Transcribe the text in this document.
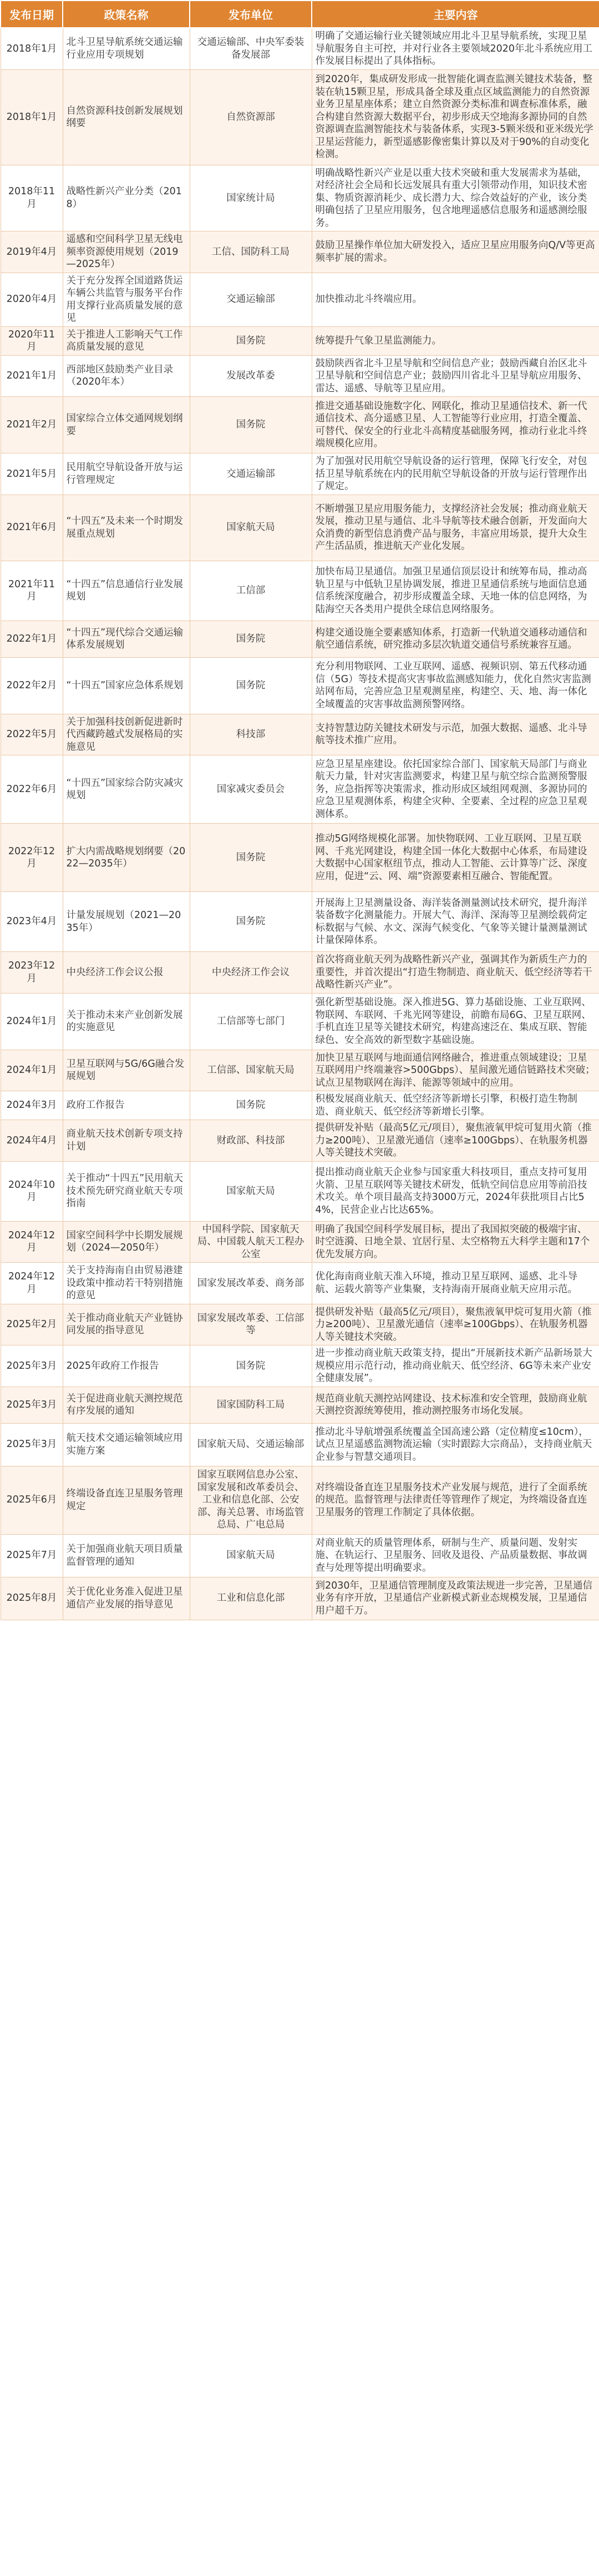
发布日期	政策名称	发布单位	主要内容
2018年1月	北斗卫星导航系统交通运输行业应用专项规划	交通运输部、中央军委装备发展部	明确了交通运输行业关键领域应用北斗卫星导航系统，实现卫星导航服务自主可控，并对行业各主要领域2020年北斗系统应用工作发展目标提出了具体指标。
2018年1月	自然资源科技创新发展规划纲要	自然资源部	到2020年，集成研发形成一批智能化调查监测关键技术装备，整装在轨15颗卫星，形成具备全球及重点区域监测能力的自然资源业务卫星星座体系；建立自然资源分类标准和调查标准体系，融合构建自然资源大数据平台，初步形成天空地海多源协同的自然资源调查监测智能技术与装备体系，实现3-5颗米级和亚米级光学卫星运营能力，新型遥感影像密集计算以及对于90%的自动变化检测。
2018年11月	战略性新兴产业分类（2018）	国家统计局	明确战略性新兴产业是以重大技术突破和重大发展需求为基础，对经济社会全局和长远发展具有重大引领带动作用，知识技术密集、物质资源消耗少、成长潜力大、综合效益好的产业，该分类明确包括了卫星应用服务，包含地理遥感信息服务和遥感测绘服务。
2019年4月	遥感和空间科学卫星无线电频率资源使用规划（2019—2025年）	工信、国防科工局	鼓励卫星操作单位加大研发投入，适应卫星应用服务向Q/V等更高频率扩展的需求。
2020年4月	关于充分发挥全国道路货运车辆公共监管与服务平台作用支撑行业高质量发展的意见	交通运输部	加快推动北斗终端应用。
2020年11月	关于推进人工影响天气工作高质量发展的意见	国务院	统筹提升气象卫星监测能力。
2021年1月	西部地区鼓励类产业目录（2020年本）	发展改革委	鼓励陕西省北斗卫星导航和空间信息产业；鼓励西藏自治区北斗卫星导航和空间信息产业；鼓励四川省北斗卫星导航应用服务、雷达、遥感、导航等卫星应用。
2021年2月	国家综合立体交通网规划纲要	国务院	推进交通基础设施数字化、网联化，推动卫星通信技术、新一代通信技术、高分遥感卫星、人工智能等行业应用，打造全覆盖、可替代、保安全的行业北斗高精度基础服务网，推动行业北斗终端规模化应用。
2021年5月	民用航空导航设备开放与运行管理规定	交通运输部	为了加强对民用航空导航设备的运行管理，保障飞行安全，对包括卫星导航系统在内的民用航空导航设备的开放与运行管理作出了规定。
2021年6月	“十四五”及未来一个时期发展重点规划	国家航天局	不断增强卫星应用服务能力，支撑经济社会发展；推动商业航天发展，推动卫星与通信、北斗导航等技术融合创新，开发面向大众消费的新型信息消费产品与服务，丰富应用场景，提升大众生产生活品质，推进航天产业化发展。
2021年11月	“十四五”信息通信行业发展规划	工信部	加快布局卫星通信。加强卫星通信顶层设计和统筹布局，推动高轨卫星与中低轨卫星协调发展，推进卫星通信系统与地面信息通信系统深度融合，初步形成覆盖全球、天地一体的信息网络，为陆海空天各类用户提供全球信息网络服务。
2022年1月	“十四五”现代综合交通运输体系发展规划	国务院	构建交通设施全要素感知体系，打造新一代轨道交通移动通信和航空通信系统，研究推动多层次轨道交通信号系统兼容互通。
2022年2月	“十四五”国家应急体系规划	国务院	充分利用物联网、工业互联网、遥感、视频识别、第五代移动通信（5G）等技术提高灾害事故监测感知能力，优化自然灾害监测站网布局，完善应急卫星观测星座，构建空、天、地、海一体化全域覆盖的灾害事故监测预警网络。
2022年5月	关于加强科技创新促进新时代西藏跨越式发展格局的实施意见	科技部	支持智慧边防关键技术研发与示范，加强大数据、遥感、北斗导航等技术推广应用。
2022年6月	“十四五”国家综合防灾减灾规划	国家减灾委员会	应急卫星星座建设。依托国家综合部门、国家航天局部门与商业航天力量，针对灾害监测要求，构建卫星与航空综合监测预警服务，应急指挥等决策需求，推动形成区域组网观测、多源协同的应急卫星观测体系，构建全灾种、全要素、全过程的应急卫星观测体系。
2022年12月	扩大内需战略规划纲要（2022—2035年）	国务院	推动5G网络规模化部署。加快物联网、工业互联网、卫星互联网、千兆光网建设，构建全国一体化大数据中心体系，布局建设大数据中心国家枢纽节点，推动人工智能、云计算等广泛、深度应用，促进“云、网、端”资源要素相互融合、智能配置。
2023年4月	计量发展规划（2021—2035年）	国务院	开展海上卫星测量设备、海洋装备测量测试技术研究，提升海洋装备数字化测量能力。开展大气、海洋、深海等卫星测绘载荷定标数据与气候、水文、深海气候变化、气象等关键计量测量测试计量保障体系。
2023年12月	中央经济工作会议公报	中央经济工作会议	首次将商业航天列为战略性新兴产业，强调其作为新质生产力的重要性，并首次提出“打造生物制造、商业航天、低空经济等若干战略性新兴产业”。
2024年1月	关于推动未来产业创新发展的实施意见	工信部等七部门	强化新型基础设施。深入推进5G、算力基础设施、工业互联网、物联网、车联网、千兆光网等建设，前瞻布局6G、卫星互联网、手机直连卫星等关键技术研究，构建高速泛在、集成互联、智能绿色、安全高效的新型数字基础设施。
2024年1月	卫星互联网与5G/6G融合发展规划	工信部、国家航天局	加快卫星互联网与地面通信网络融合，推进重点领域建设；卫星互联网用户终端兼容>500Gbps）、星间激光通信链路技术突破；试点卫星物联网在海洋、能源等领域中的应用。
2024年3月	政府工作报告	国务院	积极发展商业航天、低空经济等新增长引擎，积极打造生物制造、商业航天、低空经济等新增长引擎。
2024年4月	商业航天技术创新专项支持计划	财政部、科技部	提供研发补贴（最高5亿元/项目），聚焦液氧甲烷可复用火箭（推力≥200吨）、卫星激光通信（速率≥100Gbps）、在轨服务机器人等关键技术突破。
2024年10月	关于推动“十四五”民用航天技术预先研究商业航天专项指南	国家航天局	提出推动商业航天企业参与国家重大科技项目，重点支持可复用火箭、卫星互联网等关键技术研发，低轨空间信息应用等前沿技术攻关。单个项目最高支持3000万元，2024年获批项目占比54%，民营企业占比达65%。
2024年12月	国家空间科学中长期发展规划（2024—2050年）	中国科学院、国家航天局、中国载人航天工程办公室	明确了我国空间科学发展目标，提出了我国拟突破的极端宇宙、时空涟漪、日地全景、宜居行星、太空格物五大科学主题和17个优先发展方向。
2024年12月	关于支持海南自由贸易港建设政策中推动若干特别措施的意见	国家发展改革委、商务部	优化海南商业航天准入环境，推动卫星互联网、遥感、北斗导航、运载火箭等产业集聚，支持海南开展商业航天应用示范。
2025年2月	关于推动商业航天产业链协同发展的指导意见	国家发展改革委、工信部等	提供研发补贴（最高5亿元/项目），聚焦液氧甲烷可复用火箭（推力≥200吨）、卫星激光通信（速率≥100Gbps）、在轨服务机器人等关键技术突破。
2025年3月	2025年政府工作报告	国务院	进一步推动商业航天政策支持，提出“开展新技术新产品新场景大规模应用示范行动，推动商业航天、低空经济、6G等未来产业安全健康发展”。
2025年3月	关于促进商业航天测控规范有序发展的通知	国家国防科工局	规范商业航天测控站网建设、技术标准和安全管理，鼓励商业航天测控资源统筹使用，推动测控服务市场化发展。
2025年3月	航天技术交通运输领域应用实施方案	国家航天局、交通运输部	推动北斗导航增强系统覆盖全国高速公路（定位精度≤10cm），试点卫星遥感监测物流运输（实时跟踪大宗商品），支持商业航天企业参与智慧交通项目。
2025年6月	终端设备直连卫星服务管理规定	国家互联网信息办公室、国家发展和改革委员会、工业和信息化部、公安部、海关总署、市场监管总局、广电总局	对终端设备直连卫星服务技术产业发展与规范，进行了全面系统的规范。监督管理与法律责任等管理作了规定，为终端设备直连卫星服务的管理工作制定了具体依据。
2025年7月	关于加强商业航天项目质量监督管理的通知	国家航天局	对商业航天的质量管理体系，研制与生产、质量问题、发射实施、在轨运行、卫星服务、回收及退役、产品质量数据、事故调查与处理等提出明确要求。
2025年8月	关于优化业务准入促进卫星通信产业发展的指导意见	工业和信息化部	到2030年，卫星通信管理制度及政策法规进一步完善，卫星通信业务有序开放，卫星通信产业新模式新业态规模发展，卫星通信用户超千万。
